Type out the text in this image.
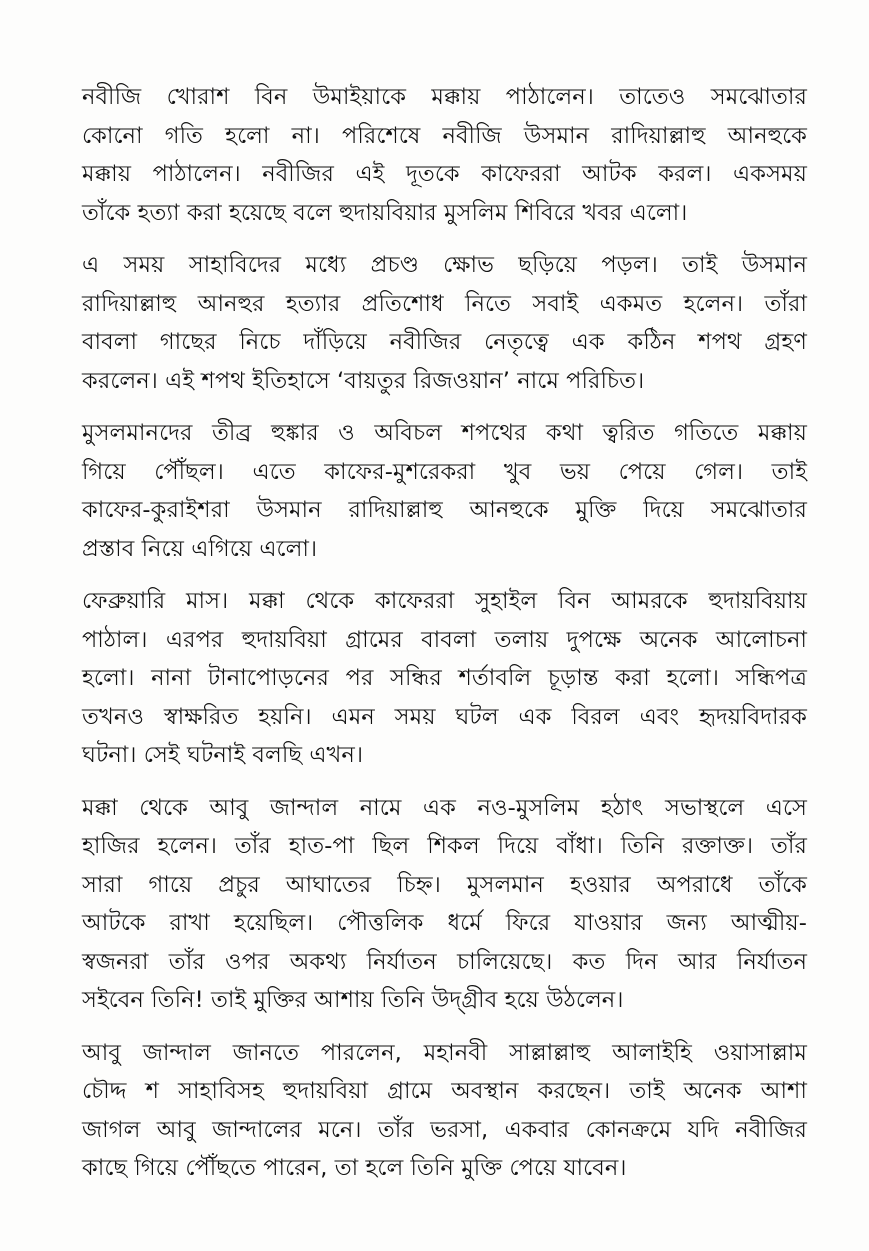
নবীজি খোরাশ বিন উমাইয়াকে মক্কায় পাঠালেন। তাতেও সমঝোতার
কোনো গতি হলো না। পরিশেষে নবীজি উসমান রাদিয়াল্লাহু আনহুকে
মক্কায় পাঠালেন। নবীজির এই দূতকে কাফেররা আটক করল। একসময়
তাঁকে হত্যা করা হয়েছে বলে হুদায়বিয়ার মুসলিম শিবিরে খবর এলো।

এ সময় সাহাবিদের মধ্যে প্রচণ্ড ক্ষোভ ছড়িয়ে পড়ল। তাই উসমান
রাদিয়াল্লাহু আনহুর হত্যার প্রতিশোধ নিতে সবাই একমত হলেন। তাঁরা
বাবলা গাছের নিচে দাঁড়িয়ে নবীজির নেতৃত্বে এক কঠিন শপথ গ্রহণ
করলেন। এই শপথ ইতিহাসে ‘বায়তুর রিজওয়ান’ নামে পরিচিত।

মুসলমানদের তীব্র হুঙ্কার ও অবিচল শপথের কথা ত্বরিত গতিতে মক্কায়
গিয়ে পৌঁছল। এতে কাফের-মুশরেকরা খুব ভয় পেয়ে গেল। তাই
কাফের-কুরাইশরা উসমান রাদিয়াল্লাহু আনহুকে মুক্তি দিয়ে সমঝোতার
প্রস্তাব নিয়ে এগিয়ে এলো।

ফেব্রুয়ারি মাস। মক্কা থেকে কাফেররা সুহাইল বিন আমরকে হুদায়বিয়ায়
পাঠাল। এরপর হুদায়বিয়া গ্রামের বাবলা তলায় দুপক্ষে অনেক আলোচনা
হলো। নানা টানাপোড়নের পর সন্ধির শর্তাবলি চূড়ান্ত করা হলো। সন্ধিপত্র
তখনও স্বাক্ষরিত হয়নি। এমন সময় ঘটল এক বিরল এবং হৃদয়বিদারক
ঘটনা। সেই ঘটনাই বলছি এখন।

মক্কা থেকে আবু জান্দাল নামে এক নও-মুসলিম হঠাৎ সভাস্থলে এসে
হাজির হলেন। তাঁর হাত-পা ছিল শিকল দিয়ে বাঁধা। তিনি রক্তাক্ত। তাঁর
সারা গায়ে প্রচুর আঘাতের চিহ্ন। মুসলমান হওয়ার অপরাধে তাঁকে
আটকে রাখা হয়েছিল। পৌত্তলিক ধর্মে ফিরে যাওয়ার জন্য আত্মীয়-
স্বজনরা তাঁর ওপর অকথ্য নির্যাতন চালিয়েছে। কত দিন আর নির্যাতন
সইবেন তিনি! তাই মুক্তির আশায় তিনি উদ্‌গ্রীব হয়ে উঠলেন।

আবু জান্দাল জানতে পারলেন, মহানবী সাল্লাল্লাহু আলাইহি ওয়াসাল্লাম
চৌদ্দ শ সাহাবিসহ হুদায়বিয়া গ্রামে অবস্থান করছেন। তাই অনেক আশা
জাগল আবু জান্দালের মনে। তাঁর ভরসা, একবার কোনক্রমে যদি নবীজির
কাছে গিয়ে পৌঁছতে পারেন, তা হলে তিনি মুক্তি পেয়ে যাবেন।
